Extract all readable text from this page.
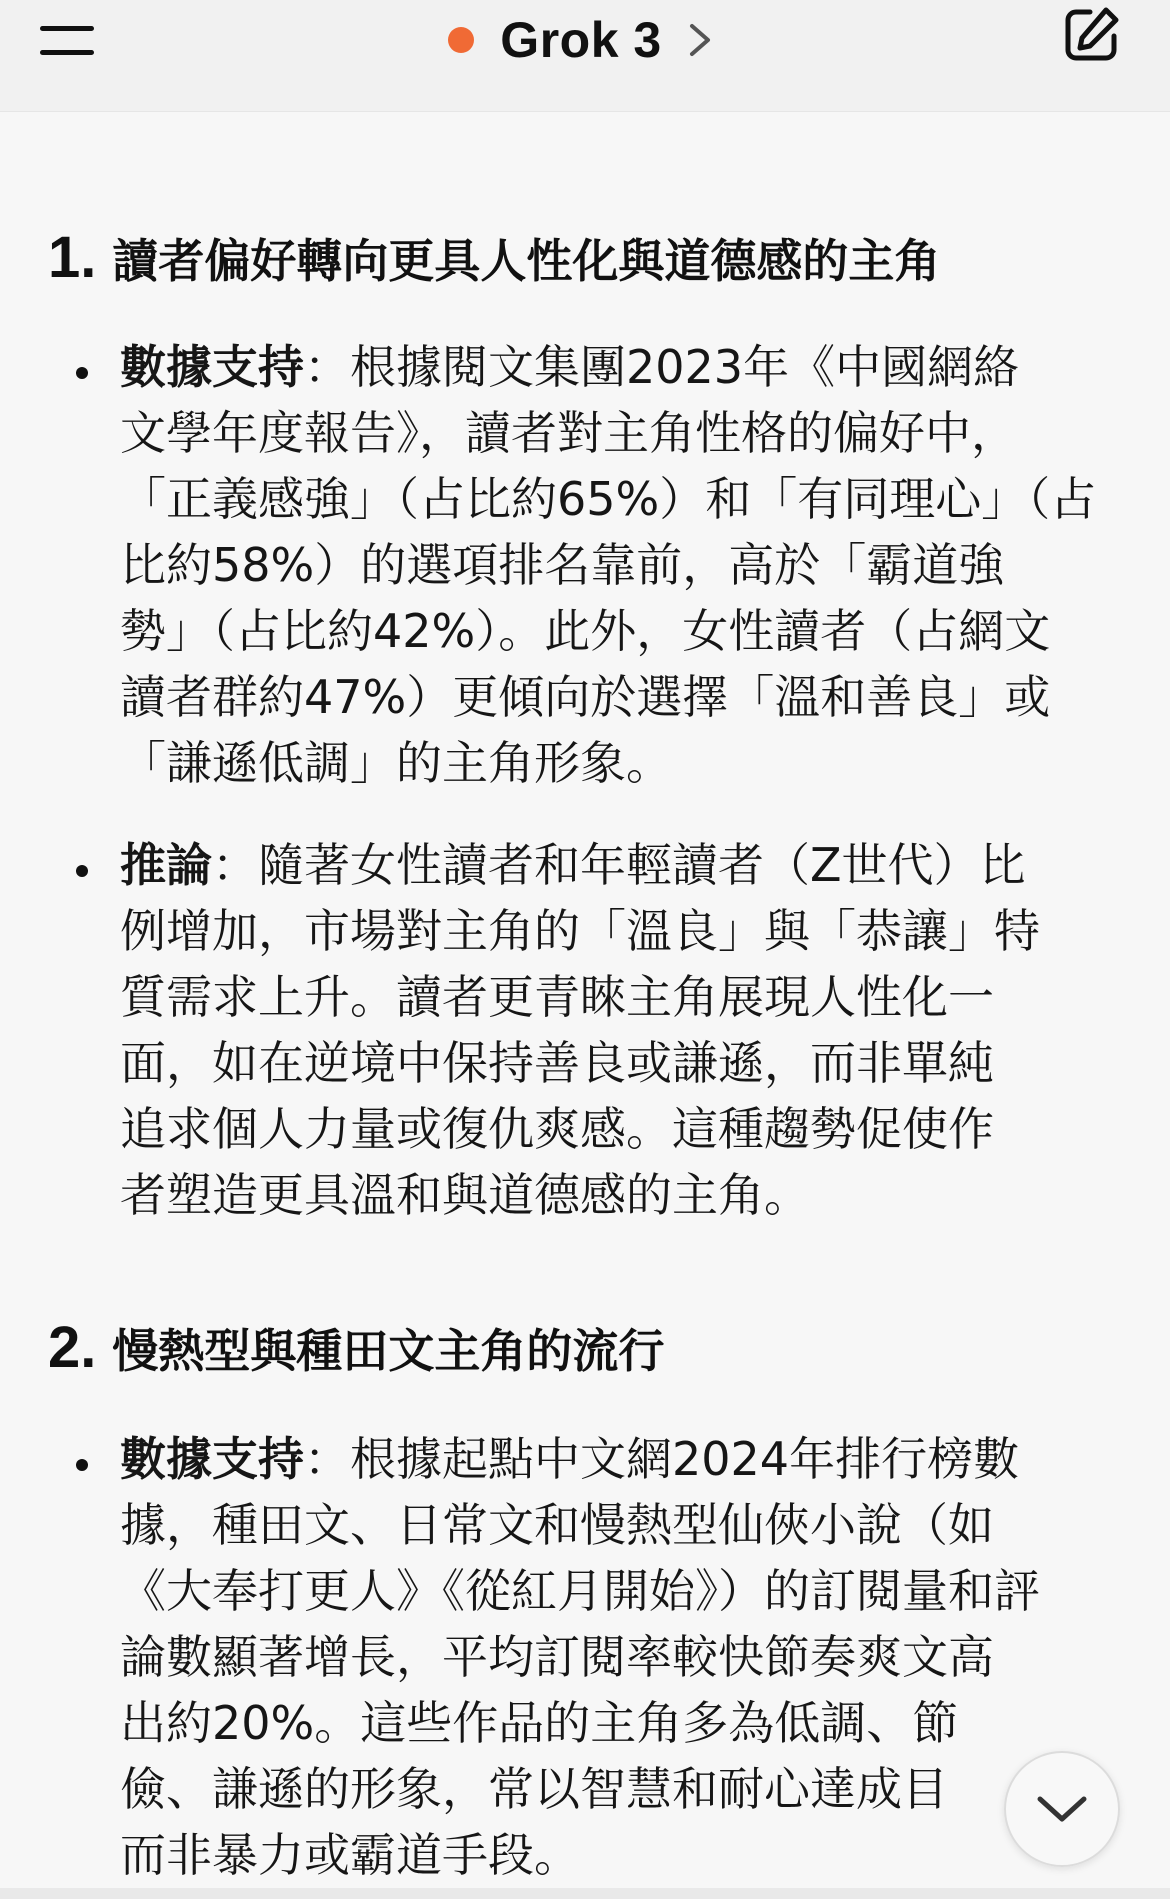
Grok 3
1. 讀者偏好轉向更具人性化與道德感的主角
數據支持：根據閱文集團2023年《中國網絡
文學年度報告》，讀者對主角性格的偏好中，
「正義感強」（占比約65%）和「有同理心」（占
比約58%）的選項排名靠前，高於「霸道強
勢」（占比約42%）。此外，女性讀者（占網文
讀者群約47%）更傾向於選擇「溫和善良」或
「謙遜低調」的主角形象。
推論：隨著女性讀者和年輕讀者（Z世代）比
例增加，市場對主角的「溫良」與「恭讓」特
質需求上升。讀者更青睞主角展現人性化一
面，如在逆境中保持善良或謙遜，而非單純
追求個人力量或復仇爽感。這種趨勢促使作
者塑造更具溫和與道德感的主角。
2. 慢熱型與種田文主角的流行
數據支持：根據起點中文網2024年排行榜數
據，種田文、日常文和慢熱型仙俠小說（如
《大奉打更人》《從紅月開始》）的訂閱量和評
論數顯著增長，平均訂閱率較快節奏爽文高
出約20%。這些作品的主角多為低調、節
儉、謙遜的形象，常以智慧和耐心達成目
而非暴力或霸道手段。
